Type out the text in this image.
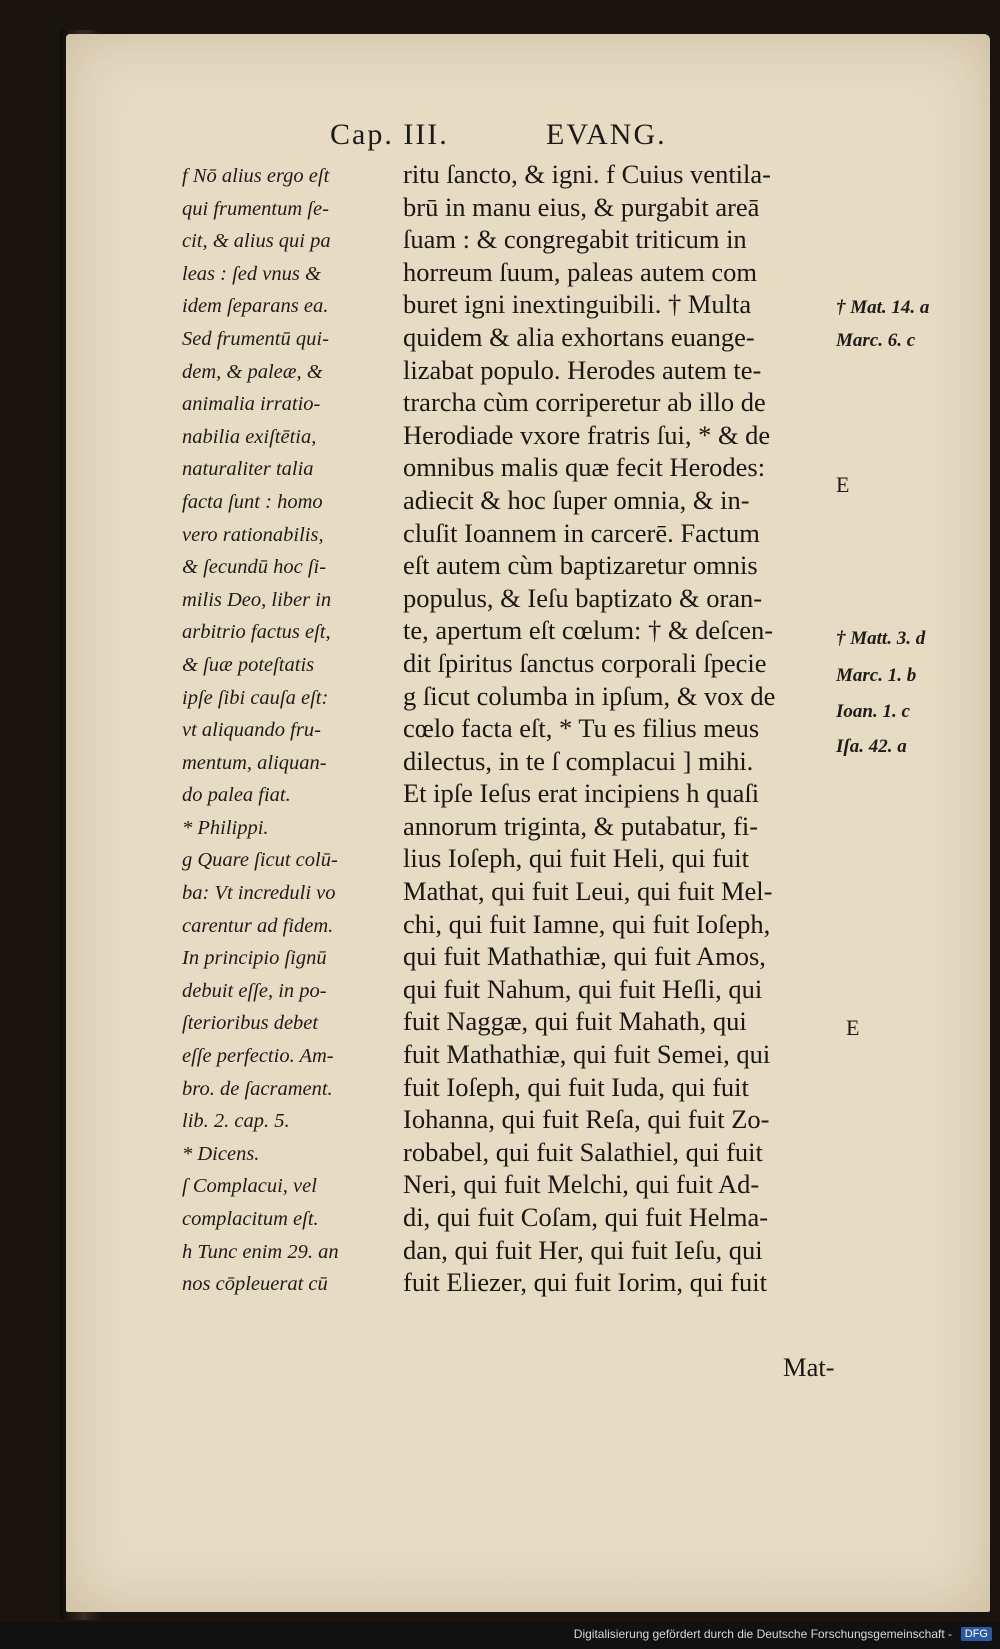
Cap. III.	EVANG.
f Nō alius ergo eſt
qui frumentum ſe-
cit, & alius qui pa
leas : ſed vnus &
idem ſeparans ea.
Sed frumentū qui-
dem, & paleæ, &
animalia irratio-
nabilia exiſtētia,
naturaliter talia
facta ſunt : homo
vero rationabilis,
& ſecundū hoc ſi-
milis Deo, liber in
arbitrio factus eſt,
& ſuæ poteſtatis
ipſe ſibi cauſa eſt:
vt aliquando fru-
mentum, aliquan-
do palea fiat.
* Philippi.
g Quare ſicut colū-
ba: Vt increduli vo
carentur ad fidem.
In principio ſignū
debuit eſſe, in po-
ſterioribus debet
eſſe perfectio. Am-
bro. de ſacrament.
lib. 2. cap. 5.
* Dicens.
ſ Complacui, vel
complacitum eſt.
h Tunc enim 29. an
nos cōpleuerat cū
ritu ſancto, & igni. f Cuius ventila-
brū in manu eius, & purgabit areā
ſuam : & congregabit triticum in
horreum ſuum, paleas autem com
buret igni inextinguibili. † Multa
quidem & alia exhortans euange-
lizabat populo. Herodes autem te-
trarcha cùm corriperetur ab illo de
Herodiade vxore fratris ſui, * & de
omnibus malis quæ fecit Herodes:
adiecit & hoc ſuper omnia, & in-
cluſit Ioannem in carcerē. Factum
eſt autem cùm baptizaretur omnis
populus, & Ieſu baptizato & oran-
te, apertum eſt cœlum: † & deſcen-
dit ſpiritus ſanctus corporali ſpecie
g ſicut columba in ipſum, & vox de
cœlo facta eſt, * Tu es filius meus
dilectus, in te ſ complacui ] mihi.
Et ipſe Ieſus erat incipiens h quaſi
annorum triginta, & putabatur, fi-
lius Ioſeph, qui fuit Heli, qui fuit
Mathat, qui fuit Leui, qui fuit Mel-
chi, qui fuit Iamne, qui fuit Ioſeph,
qui fuit Mathathiæ, qui fuit Amos,
qui fuit Nahum, qui fuit Heſli, qui
fuit Naggæ, qui fuit Mahath, qui
fuit Mathathiæ, qui fuit Semei, qui
fuit Ioſeph, qui fuit Iuda, qui fuit
Iohanna, qui fuit Reſa, qui fuit Zo-
robabel, qui fuit Salathiel, qui fuit
Neri, qui fuit Melchi, qui fuit Ad-
di, qui fuit Coſam, qui fuit Helma-
dan, qui fuit Her, qui fuit Ieſu, qui
fuit Eliezer, qui fuit Iorim, qui fuit
Mat-
† Mat. 14. a
Marc. 6. c
† Matt. 3. d
Marc. 1. b
Ioan. 1. c
Iſa. 42. a
E
E
Digitalisierung gefördert durch die Deutsche Forschungsgemeinschaft -	DFG
